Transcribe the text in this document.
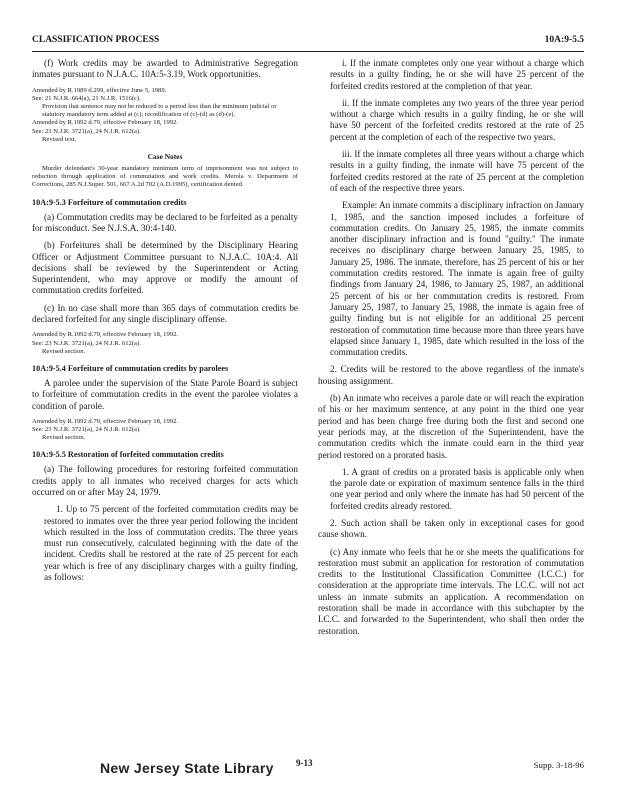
CLASSIFICATION PROCESS	10A:9-5.5

(f) Work credits may be awarded to Administrative Segregation inmates pursuant to N.J.A.C. 10A:5-3.19, Work opportunities.

Amended by R.1989 d.299, effective June 5, 1989.
See: 21 N.J.R. 664(a), 21 N.J.R. 1516(c).
Provision that sentence may not be reduced to a period less than the minimum judicial or statutory mandatory term added at (c); recodification of (c)-(d) as (d)-(e).
Amended by R.1992 d.79, effective February 18, 1992.
See: 23 N.J.R. 3721(a), 24 N.J.R. 612(a).
Revised text.
Case Notes
Murder defendant's 30-year mandatory minimum term of imprisonment was not subject to reduction through application of commutation and work credits. Merola v. Department of Corrections, 285 N.J.Super. 501, 667 A.2d 702 (A.D.1995), certification denied.
10A:9-5.3 Forfeiture of commutation credits

(a) Commutation credits may be declared to be forfeited as a penalty for misconduct. See N.J.S.A. 30:4-140.

(b) Forfeitures shall be determined by the Disciplinary Hearing Officer or Adjustment Committee pursuant to N.J.A.C. 10A:4. All decisions shall be reviewed by the Superintendent or Acting Superintendent, who may approve or modify the amount of commutation credits forfeited.

(c) In no case shall more than 365 days of commutation credits be declared forfeited for any single disciplinary offense.

Amended by R.1992 d.79, effective February 18, 1992.
See: 23 N.J.R. 3721(a), 24 N.J.R. 612(a).
Revised section.
10A:9-5.4 Forfeiture of commutation credits by parolees

A parolee under the supervision of the State Parole Board is subject to forfeiture of commutation credits in the event the parolee violates a condition of parole.

Amended by R.1992 d.79, effective February 18, 1992.
See: 23 N.J.R. 3721(a), 24 N.J.R. 612(a).
Revised section.
10A:9-5.5 Restoration of forfeited commutation credits

(a) The following procedures for restoring forfeited commutation credits apply to all inmates who received charges for acts which occurred on or after May 24, 1979.

1. Up to 75 percent of the forfeited commutation credits may be restored to inmates over the three year period following the incident which resulted in the loss of commutation credits. The three years must run consecutively, calculated beginning with the date of the incident. Credits shall be restored at the rate of 25 percent for each year which is free of any disciplinary charges with a guilty finding, as follows:

i. If the inmate completes only one year without a charge which results in a guilty finding, he or she will have 25 percent of the forfeited credits restored at the completion of that year.

ii. If the inmate completes any two years of the three year period without a charge which results in a guilty finding, he or she will have 50 percent of the forfeited credits restored at the rate of 25 percent at the completion of each of the respective two years.

iii. If the inmate completes all three years without a charge which results in a guilty finding, the inmate will have 75 percent of the forfeited credits restored at the rate of 25 percent at the completion of each of the respective three years.

Example: An inmate commits a disciplinary infraction on January 1, 1985, and the sanction imposed includes a forfeiture of commutation credits. On January 25, 1985, the inmate commits another disciplinary infraction and is found "guilty." The inmate receives no disciplinary charge between January 25, 1985, to January 25, 1986. The inmate, therefore, has 25 percent of his or her commutation credits restored. The inmate is again free of guilty findings from January 24, 1986, to January 25, 1987, an additional 25 percent of his or her commutation credits is restored. From January 25, 1987, to January 25, 1988, the inmate is again free of guilty finding but is not eligible for an additional 25 percent restoration of commutation time because more than three years have elapsed since January 1, 1985, date which resulted in the loss of the commutation credits.

2. Credits will be restored to the above regardless of the inmate's housing assignment.

(b) An inmate who receives a parole date or will reach the expiration of his or her maximum sentence, at any point in the third one year period and has been charge free during both the first and second one year periods may, at the discretion of the Superintendent, have the commutation credits which the inmate could earn in the third year period restored on a prorated basis.

1. A grant of credits on a prorated basis is applicable only when the parole date or expiration of maximum sentence falls in the third one year period and only where the inmate has had 50 percent of the forfeited credits already restored.

2. Such action shall be taken only in exceptional cases for good cause shown.

(c) Any inmate who feels that he or she meets the qualifications for restoration must submit an application for restoration of commutation credits to the Institutional Classification Committee (I.C.C.) for consideration at the appropriate time intervals. The I.C.C. will not act unless an inmate submits an application. A recommendation on restoration shall be made in accordance with this subchapter by the I.C.C. and forwarded to the Superintendent, who shall then order the restoration.

New Jersey State Library 9-13	Supp. 3-18-96
